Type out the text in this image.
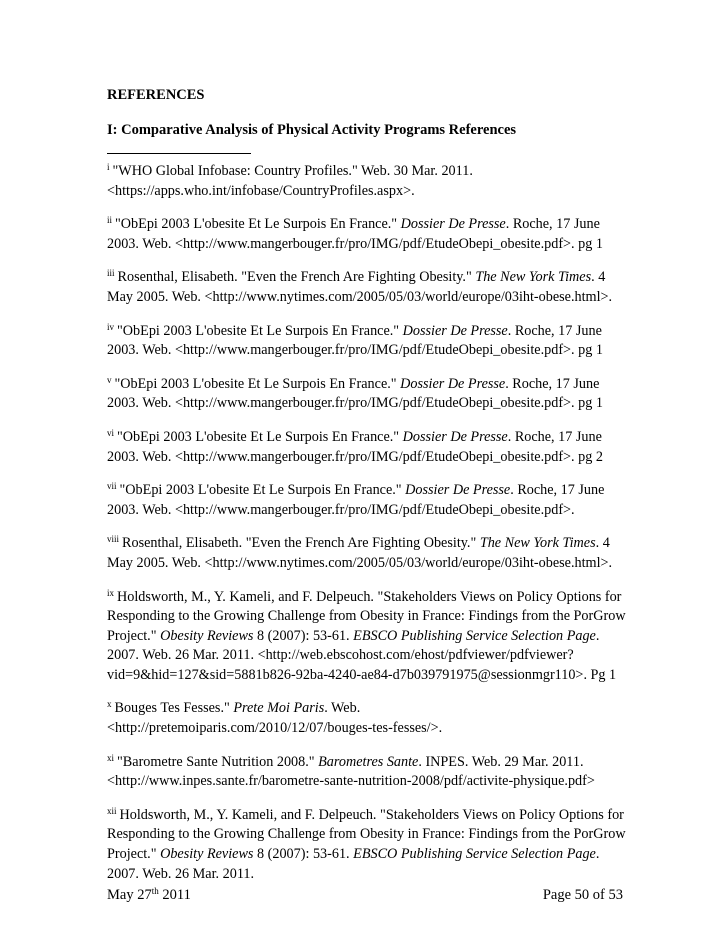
REFERENCES
I: Comparative Analysis of Physical Activity Programs References
$^i$ "WHO Global Infobase: Country Profiles." Web. 30 Mar. 2011. <https://apps.who.int/infobase/CountryProfiles.aspx>.
$^{ii}$ "ObEpi 2003 L'obesite Et Le Surpois En France." Dossier De Presse. Roche, 17 June 2003. Web. <http://www.mangerbouger.fr/pro/IMG/pdf/EtudeObepi_obesite.pdf>. pg 1
$^{iii}$ Rosenthal, Elisabeth. "Even the French Are Fighting Obesity." The New York Times. 4 May 2005. Web. <http://www.nytimes.com/2005/05/03/world/europe/03iht-obese.html>.
$^{iv}$ "ObEpi 2003 L'obesite Et Le Surpois En France." Dossier De Presse. Roche, 17 June 2003. Web. <http://www.mangerbouger.fr/pro/IMG/pdf/EtudeObepi_obesite.pdf>. pg 1
$^v$ "ObEpi 2003 L'obesite Et Le Surpois En France." Dossier De Presse. Roche, 17 June 2003. Web. <http://www.mangerbouger.fr/pro/IMG/pdf/EtudeObepi_obesite.pdf>. pg 1
$^{vi}$ "ObEpi 2003 L'obesite Et Le Surpois En France." Dossier De Presse. Roche, 17 June 2003. Web. <http://www.mangerbouger.fr/pro/IMG/pdf/EtudeObepi_obesite.pdf>. pg 2
$^{vii}$ "ObEpi 2003 L'obesite Et Le Surpois En France." Dossier De Presse. Roche, 17 June 2003. Web. <http://www.mangerbouger.fr/pro/IMG/pdf/EtudeObepi_obesite.pdf>.
$^{viii}$ Rosenthal, Elisabeth. "Even the French Are Fighting Obesity." The New York Times. 4 May 2005. Web. <http://www.nytimes.com/2005/05/03/world/europe/03iht-obese.html>.
$^{ix}$ Holdsworth, M., Y. Kameli, and F. Delpeuch. "Stakeholders Views on Policy Options for Responding to the Growing Challenge from Obesity in France: Findings from the PorGrow Project." Obesity Reviews 8 (2007): 53-61. EBSCO Publishing Service Selection Page. 2007. Web. 26 Mar. 2011. <http://web.ebscohost.com/ehost/pdfviewer/pdfviewer?vid=9&hid=127&sid=5881b826-92ba-4240-ae84-d7b039791975@sessionmgr110>. Pg 1
$^x$ Bouges Tes Fesses." Prete Moi Paris. Web. <http://pretemoiparis.com/2010/12/07/bouges-tes-fesses/>.
$^{xi}$ "Barometre Sante Nutrition 2008." Barometres Sante. INPES. Web. 29 Mar. 2011. <http://www.inpes.sante.fr/barometre-sante-nutrition-2008/pdf/activite-physique.pdf>
$^{xii}$ Holdsworth, M., Y. Kameli, and F. Delpeuch. "Stakeholders Views on Policy Options for Responding to the Growing Challenge from Obesity in France: Findings from the PorGrow Project." Obesity Reviews 8 (2007): 53-61. EBSCO Publishing Service Selection Page. 2007. Web. 26 Mar. 2011.
May 27th 2011	Page 50 of 53
